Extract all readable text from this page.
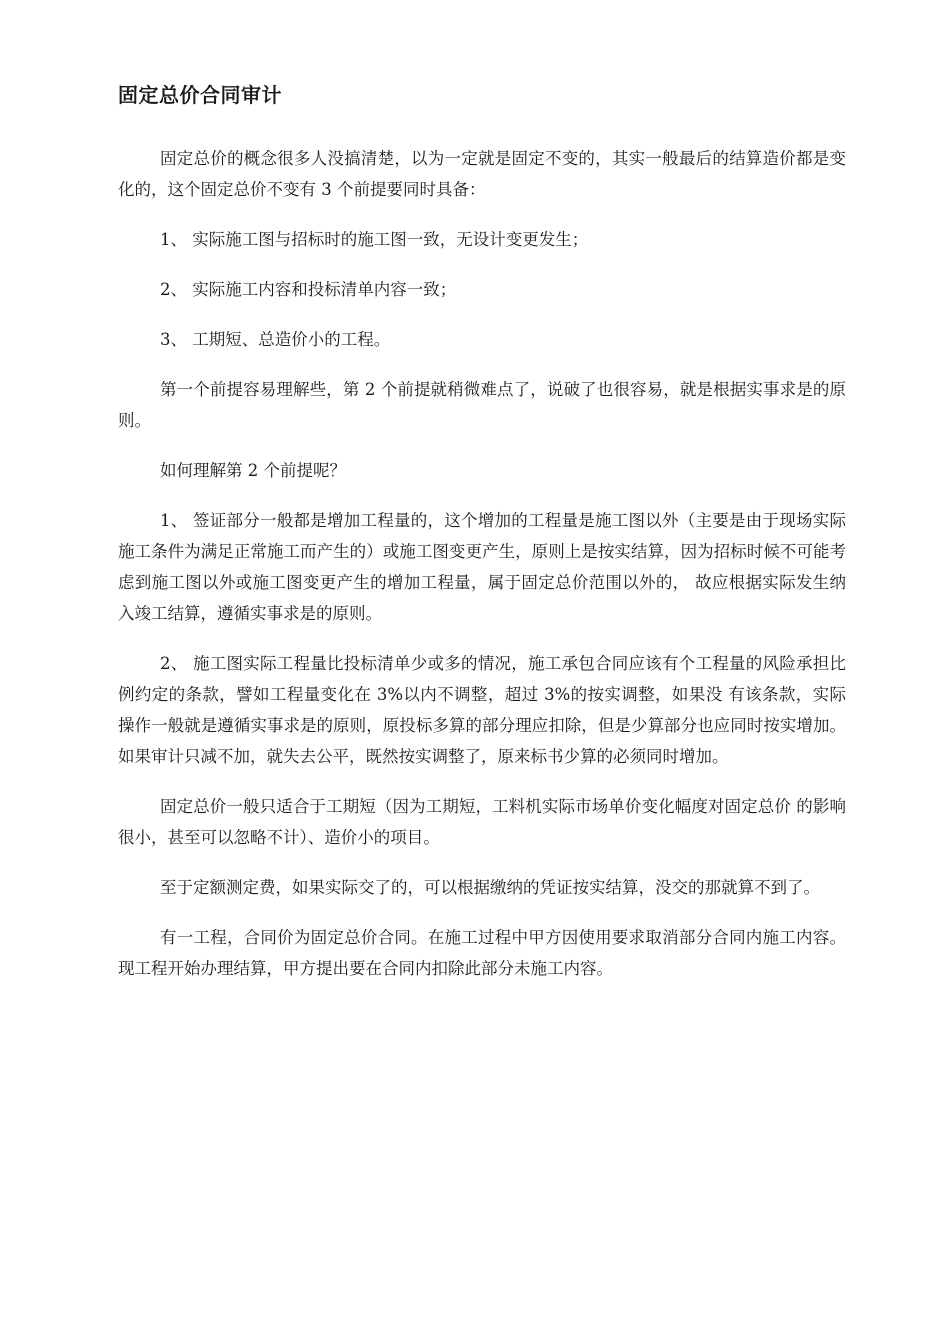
固定总价合同审计

固定总价的概念很多人没搞清楚，以为一定就是固定不变的，其实一般最后的结算造价都是变化的，这个固定总价不变有 3 个前提要同时具备：

1、 实际施工图与招标时的施工图一致，无设计变更发生；

2、 实际施工内容和投标清单内容一致；

3、 工期短、总造价小的工程。

第一个前提容易理解些，第 2 个前提就稍微难点了，说破了也很容易，就是根据实事求是的原则。

如何理解第 2 个前提呢？

1、 签证部分一般都是增加工程量的，这个增加的工程量是施工图以外（主要是由于现场实际施工条件为满足正常施工而产生的）或施工图变更产生，原则上是按实结算，因为招标时候不可能考虑到施工图以外或施工图变更产生的增加工程量，属于固定总价范围以外的， 故应根据实际发生纳入竣工结算，遵循实事求是的原则。

2、 施工图实际工程量比投标清单少或多的情况，施工承包合同应该有个工程量的风险承担比例约定的条款，譬如工程量变化在 3%以内不调整，超过 3%的按实调整，如果没 有该条款，实际操作一般就是遵循实事求是的原则，原投标多算的部分理应扣除，但是少算部分也应同时按实增加。如果审计只减不加，就失去公平，既然按实调整了，原来标书少算的必须同时增加。

固定总价一般只适合于工期短（因为工期短，工料机实际市场单价变化幅度对固定总价 的影响很小，甚至可以忽略不计）、造价小的项目。

至于定额测定费，如果实际交了的，可以根据缴纳的凭证按实结算，没交的那就算不到了。

有一工程，合同价为固定总价合同。在施工过程中甲方因使用要求取消部分合同内施工内容。现工程开始办理结算，甲方提出要在合同内扣除此部分未施工内容。
